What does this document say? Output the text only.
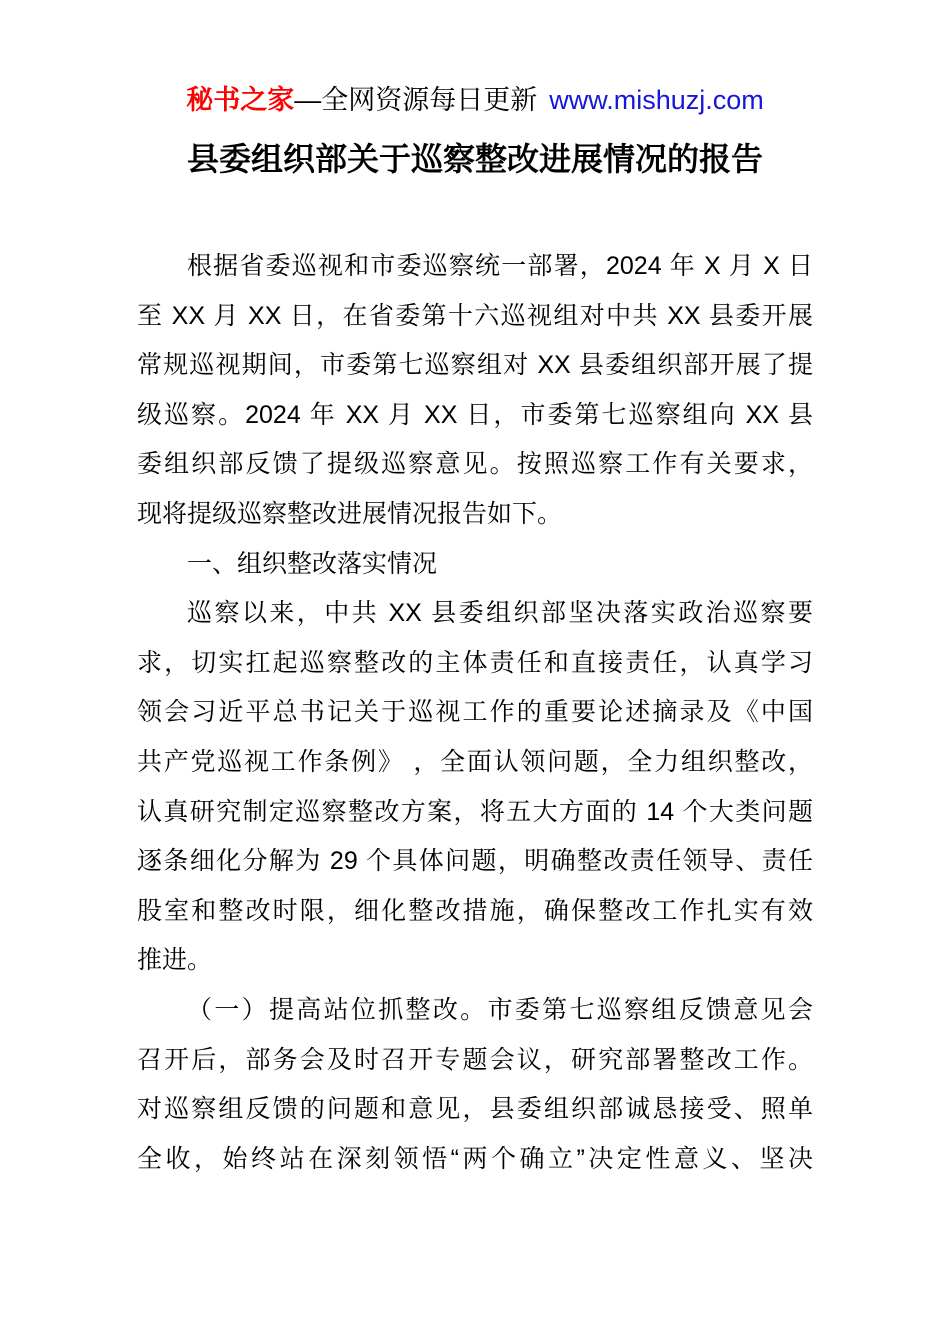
秘书之家—全网资源每日更新 www.mishuzj.com
县委组织部关于巡察整改进展情况的报告
根据省委巡视和市委巡察统一部署，2024 年 X 月 X 日
至 XX 月 XX 日，在省委第十六巡视组对中共 XX 县委开展
常规巡视期间，市委第七巡察组对 XX 县委组织部开展了提
级巡察。2024 年 XX 月 XX 日，市委第七巡察组向 XX 县
委组织部反馈了提级巡察意见。按照巡察工作有关要求，
现将提级巡察整改进展情况报告如下。
一、组织整改落实情况
巡察以来，中共 XX 县委组织部坚决落实政治巡察要
求，切实扛起巡察整改的主体责任和直接责任，认真学习
领会习近平总书记关于巡视工作的重要论述摘录及《中国
共产党巡视工作条例》 ，全面认领问题，全力组织整改，
认真研究制定巡察整改方案，将五大方面的 14 个大类问题
逐条细化分解为 29 个具体问题，明确整改责任领导、责任
股室和整改时限，细化整改措施，确保整改工作扎实有效
推进。
（一）提高站位抓整改。市委第七巡察组反馈意见会
召开后，部务会及时召开专题会议，研究部署整改工作。
对巡察组反馈的问题和意见，县委组织部诚恳接受、照单
全收，始终站在深刻领悟“两个确立”决定性意义、坚决
